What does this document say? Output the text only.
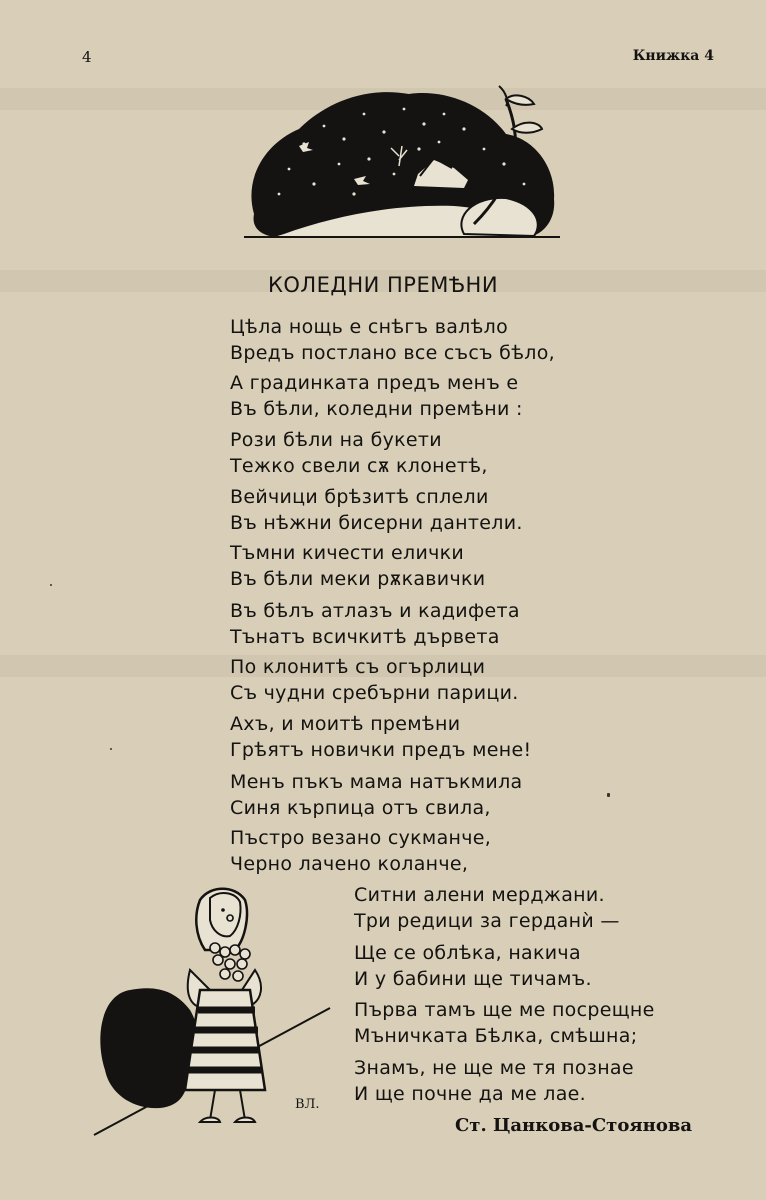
4	Книжка 4
КОЛЕДНИ ПРЕМѢНИ
Цѣла нощь е снѣгъ валѣло
Вредъ постлано все съсъ бѣло,
А градинката предъ менъ е
Въ бѣли, коледни премѣни :
Рози бѣли на букети
Тежко свели сѫ клонетѣ,
Вейчици брѣзитѣ сплели
Въ нѣжни бисерни дантели.
Тъмни кичести елички
Въ бѣли меки рѫкавички
Въ бѣлъ атлазъ и кадифета
Тънатъ всичкитѣ дървета
По клонитѣ съ огърлици
Съ чудни сребърни парици.
Ахъ, и моитѣ премѣни
Грѣятъ новички предъ мене!
Менъ пъкъ мама натъкмила
Синя кърпица отъ свила,
Пъстро везано сукманче,
Черно лачено коланче,
Ситни алени мерджани.
Три редици за герданѝ —
Ще се облѣка, накича
И у бабини ще тичамъ.
Първа тамъ ще ме посрещне
Мъничката Бѣлка, смѣшна;
Знамъ, не ще ме тя познае
И ще почне да ме лае.
ВЛ.
Ст. Цанкова-Стоянова
